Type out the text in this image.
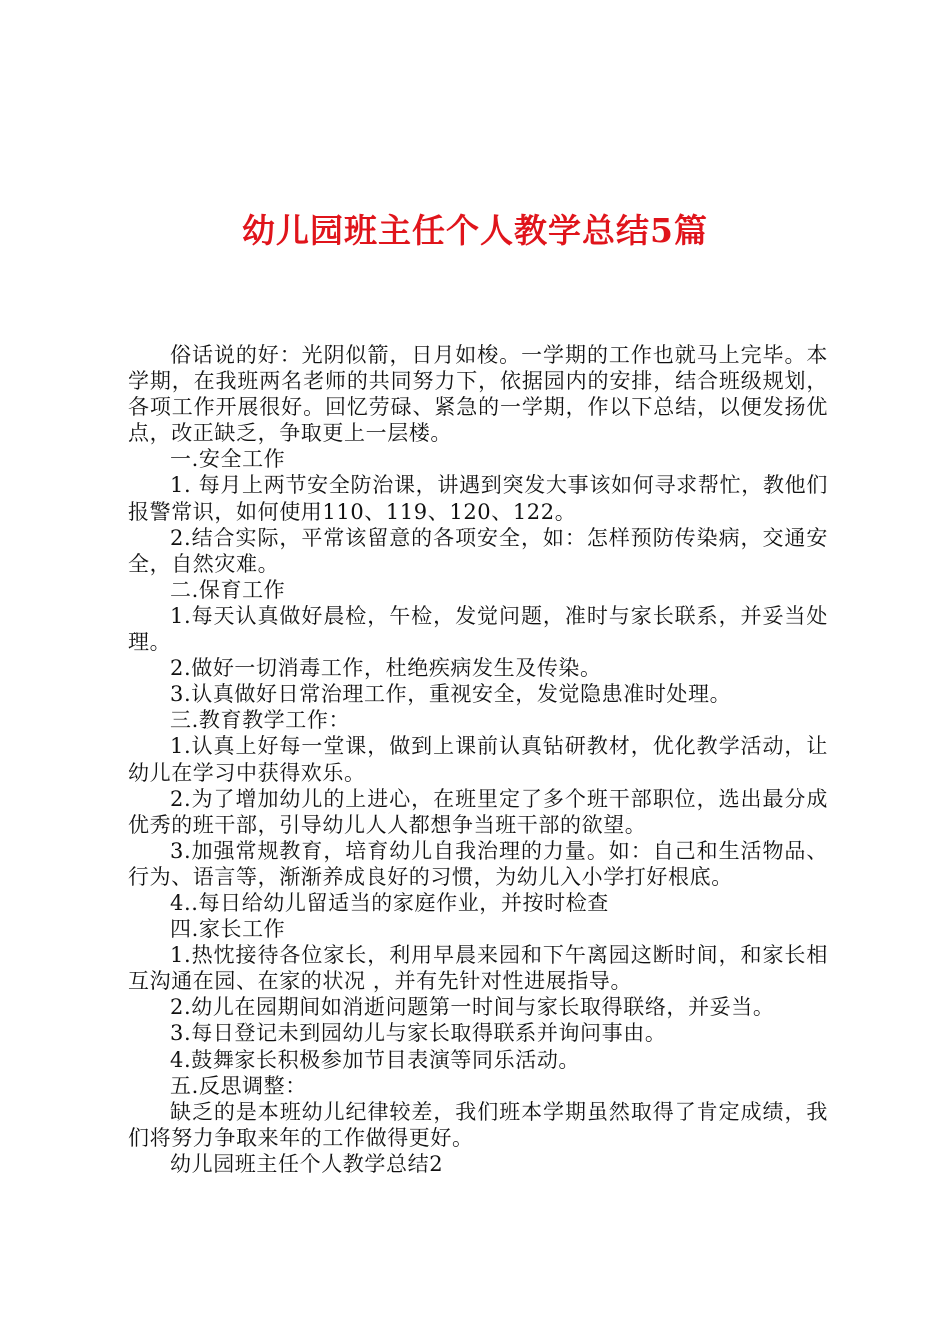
幼儿园班主任个人教学总结5篇

俗话说的好：光阴似箭，日月如梭。一学期的工作也就马上完毕。本学期，在我班两名老师的共同努力下，依据园内的安排，结合班级规划，各项工作开展很好。回忆劳碌、紧急的一学期，作以下总结，以便发扬优点，改正缺乏，争取更上一层楼。

一.安全工作

1. 每月上两节安全防治课，讲遇到突发大事该如何寻求帮忙，教他们报警常识，如何使用110、119、120、122。

2.结合实际，平常该留意的各项安全，如：怎样预防传染病，交通安全，自然灾难。

二.保育工作

1.每天认真做好晨检，午检，发觉问题，准时与家长联系，并妥当处理。

2.做好一切消毒工作，杜绝疾病发生及传染。

3.认真做好日常治理工作，重视安全，发觉隐患准时处理。

三.教育教学工作：

1.认真上好每一堂课，做到上课前认真钻研教材，优化教学活动，让幼儿在学习中获得欢乐。

2.为了增加幼儿的上进心，在班里定了多个班干部职位，选出最分成优秀的班干部，引导幼儿人人都想争当班干部的欲望。

3.加强常规教育，培育幼儿自我治理的力量。如：自己和生活物品、行为、语言等，渐渐养成良好的习惯，为幼儿入小学打好根底。

4..每日给幼儿留适当的家庭作业，并按时检查

四.家长工作

1.热忱接待各位家长，利用早晨来园和下午离园这断时间，和家长相互沟通在园、在家的状况 ，并有先针对性进展指导。

2.幼儿在园期间如消逝问题第一时间与家长取得联络，并妥当。

3.每日登记未到园幼儿与家长取得联系并询问事由。

4.鼓舞家长积极参加节目表演等同乐活动。

五.反思调整：

缺乏的是本班幼儿纪律较差，我们班本学期虽然取得了肯定成绩，我们将努力争取来年的工作做得更好。

幼儿园班主任个人教学总结2
